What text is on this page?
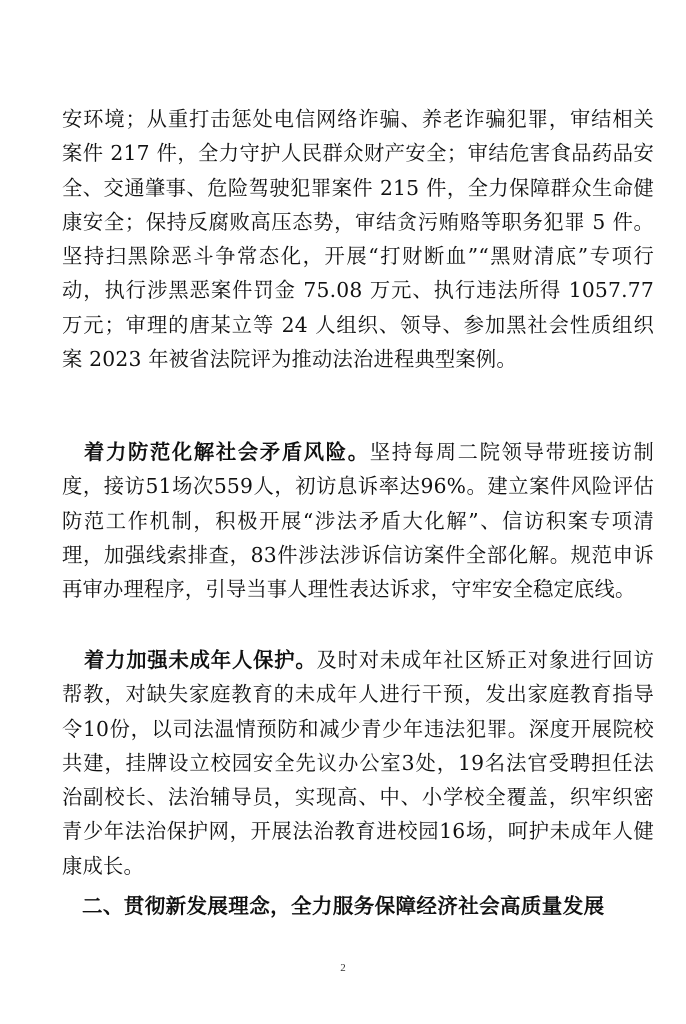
安环境；从重打击惩处电信网络诈骗、养老诈骗犯罪，审结相关案件 217 件，全力守护人民群众财产安全；审结危害食品药品安全、交通肇事、危险驾驶犯罪案件 215 件，全力保障群众生命健康安全；保持反腐败高压态势，审结贪污贿赂等职务犯罪 5 件。坚持扫黑除恶斗争常态化，开展“打财断血”“黑财清底”专项行动，执行涉黑恶案件罚金 75.08 万元、执行违法所得 1057.77 万元；审理的唐某立等 24 人组织、领导、参加黑社会性质组织案 2023 年被省法院评为推动法治进程典型案例。

着力防范化解社会矛盾风险。坚持每周二院领导带班接访制度，接访51场次559人，初访息诉率达96%。建立案件风险评估防范工作机制，积极开展“涉法矛盾大化解”、信访积案专项清理，加强线索排查，83件涉法涉诉信访案件全部化解。规范申诉再审办理程序，引导当事人理性表达诉求，守牢安全稳定底线。

着力加强未成年人保护。及时对未成年社区矫正对象进行回访帮教，对缺失家庭教育的未成年人进行干预，发出家庭教育指导令10份，以司法温情预防和减少青少年违法犯罪。深度开展院校共建，挂牌设立校园安全先议办公室3处，19名法官受聘担任法治副校长、法治辅导员，实现高、中、小学校全覆盖，织牢织密青少年法治保护网，开展法治教育进校园16场，呵护未成年人健康成长。

二、贯彻新发展理念，全力服务保障经济社会高质量发展
2
